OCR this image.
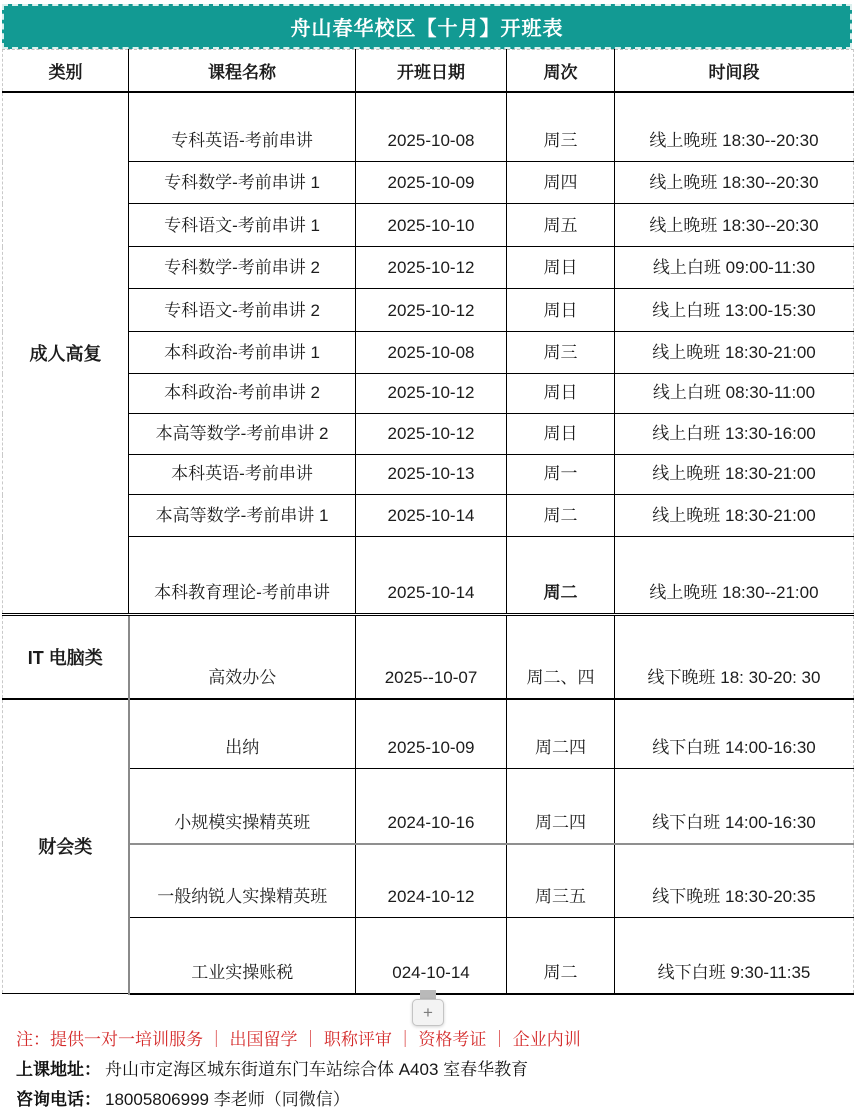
舟山春华校区【十月】开班表
类别	课程名称	开班日期	周次	时间段
成人高复	专科英语-考前串讲	2025-10-08	周三	线上晚班 18:30--20:30
	专科数学-考前串讲 1	2025-10-09	周四	线上晚班 18:30--20:30
	专科语文-考前串讲 1	2025-10-10	周五	线上晚班 18:30--20:30
	专科数学-考前串讲 2	2025-10-12	周日	线上白班 09:00-11:30
	专科语文-考前串讲 2	2025-10-12	周日	线上白班 13:00-15:30
	本科政治-考前串讲 1	2025-10-08	周三	线上晚班 18:30-21:00
	本科政治-考前串讲 2	2025-10-12	周日	线上白班 08:30-11:00
	本高等数学-考前串讲 2	2025-10-12	周日	线上白班 13:30-16:00
	本科英语-考前串讲	2025-10-13	周一	线上晚班 18:30-21:00
	本高等数学-考前串讲 1	2025-10-14	周二	线上晚班 18:30-21:00
	本科教育理论-考前串讲	2025-10-14	周二	线上晚班 18:30--21:00
IT 电脑类	高效办公	2025--10-07	周二、四	线下晚班 18: 30-20: 30
财会类	出纳	2025-10-09	周二四	线下白班 14:00-16:30
	小规模实操精英班	2024-10-16	周二四	线下白班 14:00-16:30
	一般纳锐人实操精英班	2024-10-12	周三五	线下晚班 18:30-20:35
	工业实操账税	024-10-14	周二	线下白班 9:30-11:35
+
注：提供一对一培训服务 ｜ 出国留学 ｜ 职称评审 ｜ 资格考证 ｜ 企业内训
上课地址： 舟山市定海区城东街道东门车站综合体 A403 室春华教育
咨询电话： 18005806999 李老师（同微信）
